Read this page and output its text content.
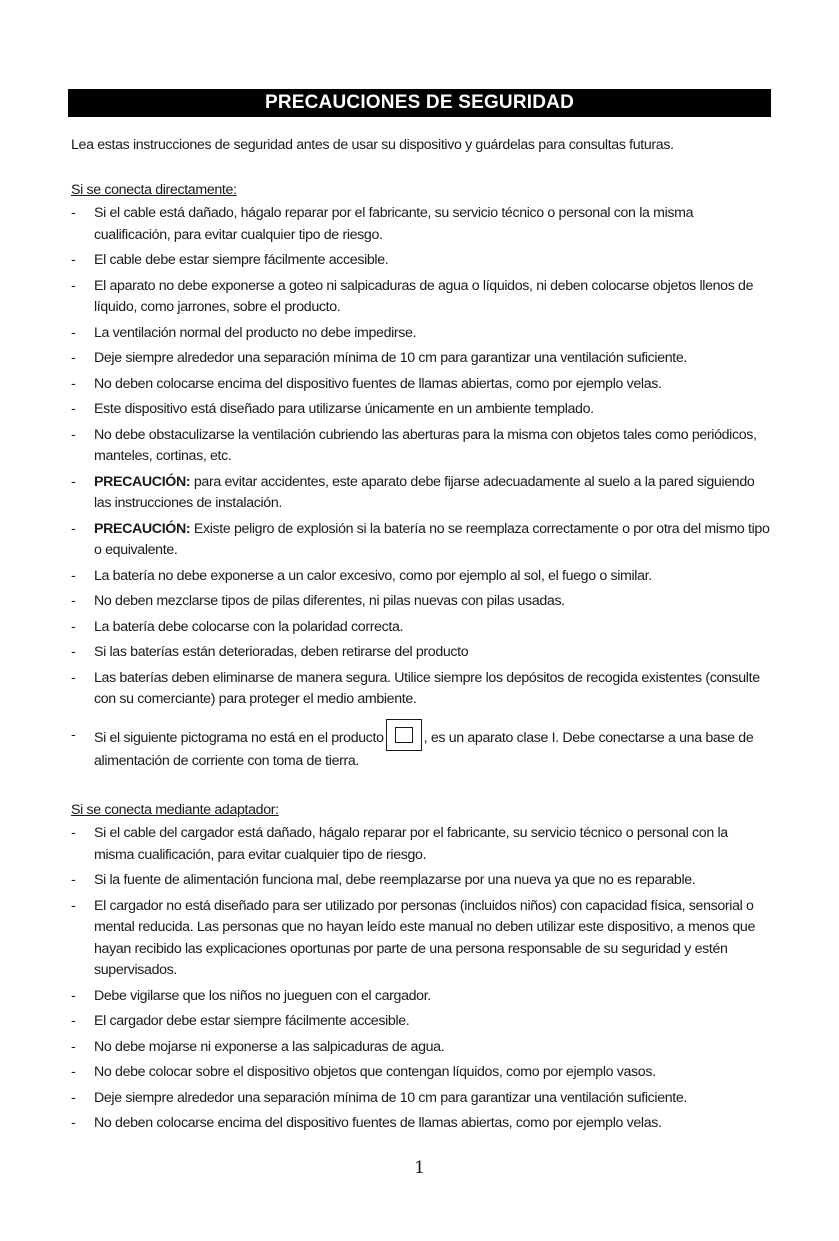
PRECAUCIONES DE SEGURIDAD
Lea estas instrucciones de seguridad antes de usar su dispositivo y guárdelas para consultas futuras.

Si se conecta directamente:

- Si el cable está dañado, hágalo reparar por el fabricante, su servicio técnico o personal con la misma cualificación, para evitar cualquier tipo de riesgo.
- El cable debe estar siempre fácilmente accesible.
- El aparato no debe exponerse a goteo ni salpicaduras de agua o líquidos, ni deben colocarse objetos llenos de líquido, como jarrones, sobre el producto.
- La ventilación normal del producto no debe impedirse.
- Deje siempre alrededor una separación mínima de 10 cm para garantizar una ventilación suficiente.
- No deben colocarse encima del dispositivo fuentes de llamas abiertas, como por ejemplo velas.
- Este dispositivo está diseñado para utilizarse únicamente en un ambiente templado.
- No debe obstaculizarse la ventilación cubriendo las aberturas para la misma con objetos tales como periódicos, manteles, cortinas, etc.
- PRECAUCIÓN: para evitar accidentes, este aparato debe fijarse adecuadamente al suelo a la pared siguiendo las instrucciones de instalación.
- PRECAUCIÓN: Existe peligro de explosión si la batería no se reemplaza correctamente o por otra del mismo tipo o equivalente.
- La batería no debe exponerse a un calor excesivo, como por ejemplo al sol, el fuego o similar.
- No deben mezclarse tipos de pilas diferentes, ni pilas nuevas con pilas usadas.
- La batería debe colocarse con la polaridad correcta.
- Si las baterías están deterioradas, deben retirarse del producto
- Las baterías deben eliminarse de manera segura. Utilice siempre los depósitos de recogida existentes (consulte con su comerciante) para proteger el medio ambiente.
- Si el siguiente pictograma no está en el producto	, es un aparato clase I. Debe conectarse a una base de alimentación de corriente con toma de tierra.

Si se conecta mediante adaptador:

- Si el cable del cargador está dañado, hágalo reparar por el fabricante, su servicio técnico o personal con la misma cualificación, para evitar cualquier tipo de riesgo.
- Si la fuente de alimentación funciona mal, debe reemplazarse por una nueva ya que no es reparable.
- El cargador no está diseñado para ser utilizado por personas (incluidos niños) con capacidad física, sensorial o mental reducida. Las personas que no hayan leído este manual no deben utilizar este dispositivo, a menos que hayan recibido las explicaciones oportunas por parte de una persona responsable de su seguridad y estén supervisados.
- Debe vigilarse que los niños no jueguen con el cargador.
- El cargador debe estar siempre fácilmente accesible.
- No debe mojarse ni exponerse a las salpicaduras de agua.
- No debe colocar sobre el dispositivo objetos que contengan líquidos, como por ejemplo vasos.
- Deje siempre alrededor una separación mínima de 10 cm para garantizar una ventilación suficiente.
- No deben colocarse encima del dispositivo fuentes de llamas abiertas, como por ejemplo velas.
1
